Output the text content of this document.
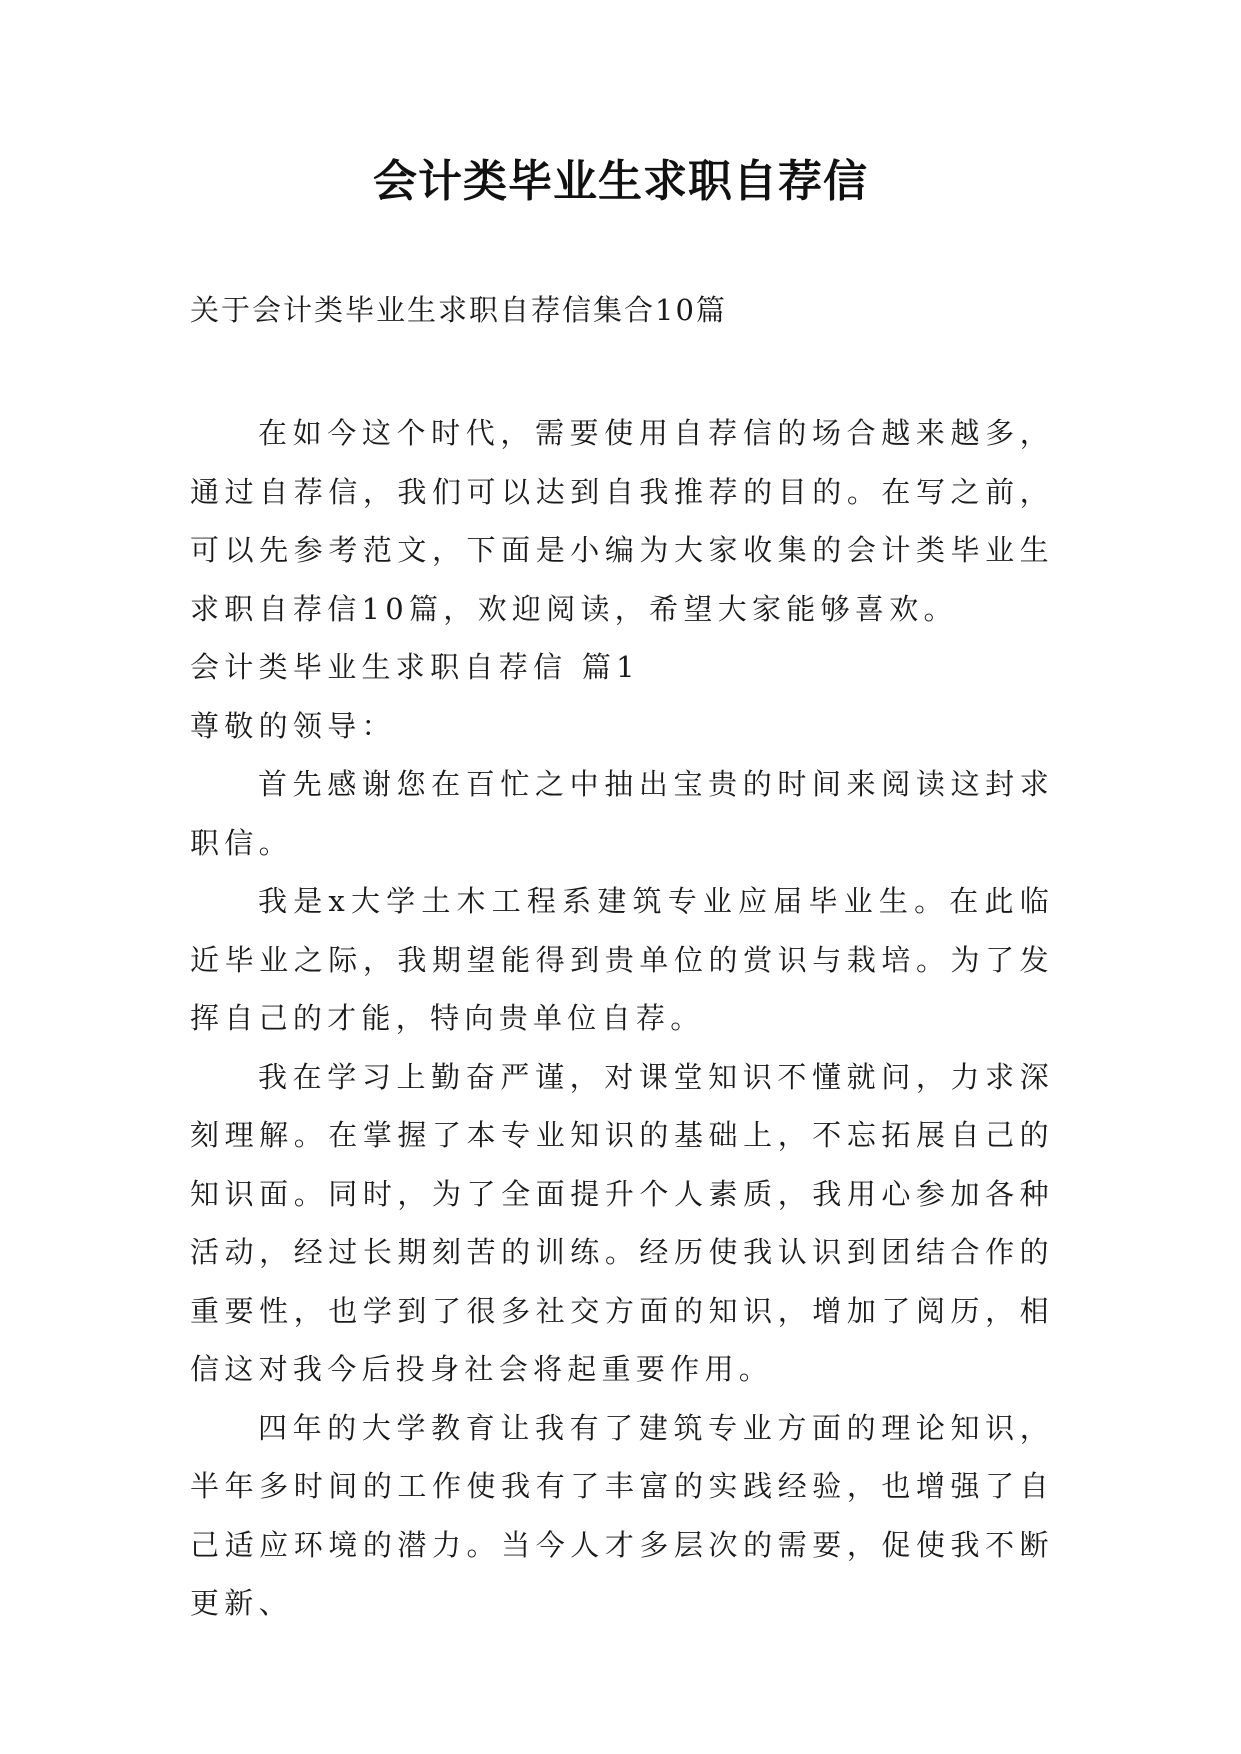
会计类毕业生求职自荐信
关于会计类毕业生求职自荐信集合10篇

在如今这个时代，需要使用自荐信的场合越来越多，通过自荐信，我们可以达到自我推荐的目的。在写之前，可以先参考范文，下面是小编为大家收集的会计类毕业生求职自荐信10篇，欢迎阅读，希望大家能够喜欢。

会计类毕业生求职自荐信 篇1

尊敬的领导：

首先感谢您在百忙之中抽出宝贵的时间来阅读这封求职信。

我是x大学土木工程系建筑专业应届毕业生。在此临近毕业之际，我期望能得到贵单位的赏识与栽培。为了发挥自己的才能，特向贵单位自荐。

我在学习上勤奋严谨，对课堂知识不懂就问，力求深刻理解。在掌握了本专业知识的基础上，不忘拓展自己的知识面。同时，为了全面提升个人素质，我用心参加各种活动，经过长期刻苦的训练。经历使我认识到团结合作的重要性，也学到了很多社交方面的知识，增加了阅历，相信这对我今后投身社会将起重要作用。

四年的大学教育让我有了建筑专业方面的理论知识，半年多时间的工作使我有了丰富的实践经验，也增强了自己适应环境的潜力。当今人才多层次的需要，促使我不断更新、
